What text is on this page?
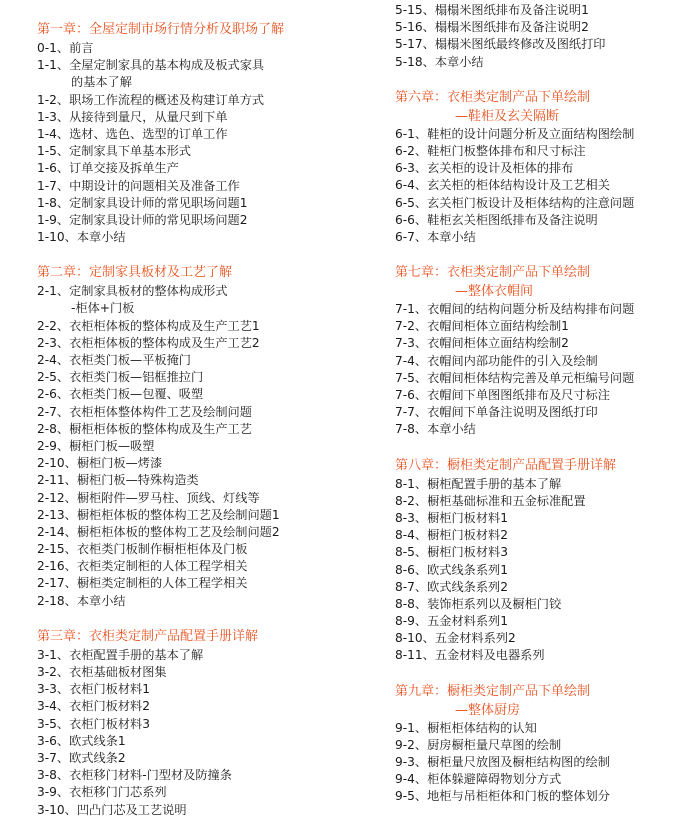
第一章：全屋定制市场行情分析及职场了解
0-1、前言
1-1、全屋定制家具的基本构成及板式家具
的基本了解
1-2、职场工作流程的概述及构建订单方式
1-3、从接待到量尺，从量尺到下单
1-4、选材、选色、选型的订单工作
1-5、定制家具下单基本形式
1-6、订单交接及拆单生产
1-7、中期设计的问题相关及准备工作
1-8、定制家具设计师的常见职场问题1
1-9、定制家具设计师的常见职场问题2
1-10、本章小结
第二章：定制家具板材及工艺了解
2-1、定制家具板材的整体构成形式
-柜体+门板
2-2、衣柜柜体板的整体构成及生产工艺1
2-3、衣柜柜体板的整体构成及生产工艺2
2-4、衣柜类门板—平板掩门
2-5、衣柜类门板—铝框推拉门
2-6、衣柜类门板—包覆、吸塑
2-7、衣柜柜体整体构件工艺及绘制问题
2-8、橱柜柜体板的整体构成及生产工艺
2-9、橱柜门板—吸塑
2-10、橱柜门板—烤漆
2-11、橱柜门板—特殊构造类
2-12、橱柜附件—罗马柱、顶线、灯线等
2-13、橱柜柜体板的整体构工艺及绘制问题1
2-14、橱柜柜体板的整体构工艺及绘制问题2
2-15、衣柜类门板制作橱柜柜体及门板
2-16、衣柜类定制柜的人体工程学相关
2-17、橱柜类定制柜的人体工程学相关
2-18、本章小结
第三章：衣柜类定制产品配置手册详解
3-1、衣柜配置手册的基本了解
3-2、衣柜基础板材图集
3-3、衣柜门板材料1
3-4、衣柜门板材料2
3-5、衣柜门板材料3
3-6、欧式线条1
3-7、欧式线条2
3-8、衣柜移门材料-门型材及防撞条
3-9、衣柜移门门芯系列
3-10、凹凸门芯及工艺说明
5-15、榻榻米图纸排布及备注说明1
5-16、榻榻米图纸排布及备注说明2
5-17、榻榻米图纸最终修改及图纸打印
5-18、本章小结
第六章：衣柜类定制产品下单绘制
—鞋柜及玄关隔断
6-1、鞋柜的设计问题分析及立面结构图绘制
6-2、鞋柜门板整体排布和尺寸标注
6-3、玄关柜的设计及柜体的排布
6-4、玄关柜的柜体结构设计及工艺相关
6-5、玄关柜门板设计及柜体结构的注意问题
6-6、鞋柜玄关柜图纸排布及备注说明
6-7、本章小结
第七章：衣柜类定制产品下单绘制
—整体衣帽间
7-1、衣帽间的结构问题分析及结构排布问题
7-2、衣帽间柜体立面结构绘制1
7-3、衣帽间柜体立面结构绘制2
7-4、衣帽间内部功能件的引入及绘制
7-5、衣帽间柜体结构完善及单元柜编号问题
7-6、衣帽间下单图图纸排布及尺寸标注
7-7、衣帽间下单备注说明及图纸打印
7-8、本章小结
第八章：橱柜类定制产品配置手册详解
8-1、橱柜配置手册的基本了解
8-2、橱柜基础标准和五金标准配置
8-3、橱柜门板材料1
8-4、橱柜门板材料2
8-5、橱柜门板材料3
8-6、欧式线条系列1
8-7、欧式线条系列2
8-8、装饰柜系列以及橱柜门铰
8-9、五金材料系列1
8-10、五金材料系列2
8-11、五金材料及电器系列
第九章：橱柜类定制产品下单绘制
—整体厨房
9-1、橱柜柜体结构的认知
9-2、厨房橱柜量尺草图的绘制
9-3、橱柜量尺放图及橱柜结构图的绘制
9-4、柜体躲避障碍物划分方式
9-5、地柜与吊柜柜体和门板的整体划分
